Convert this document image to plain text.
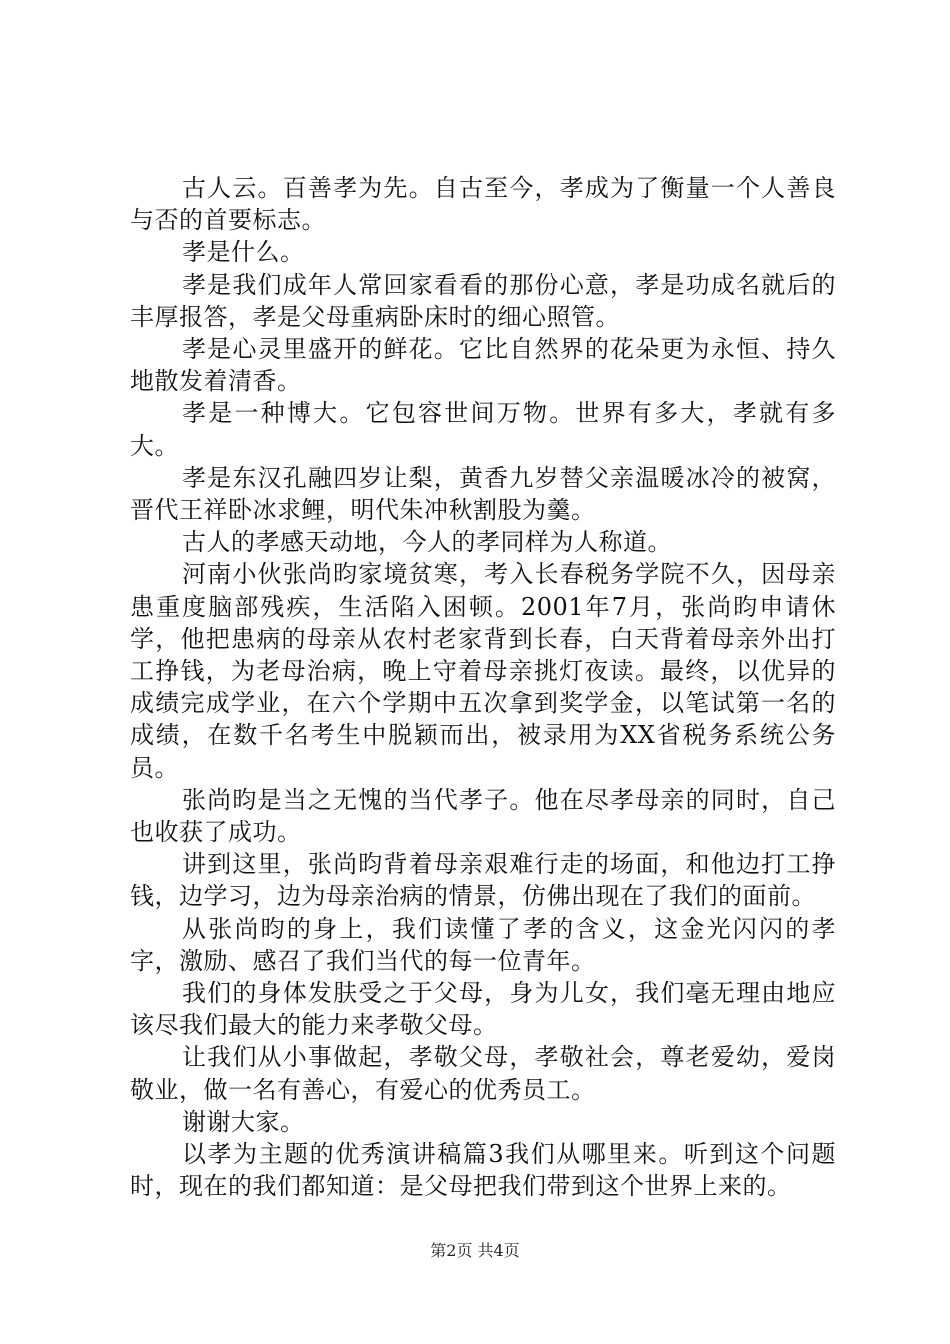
古人云。百善孝为先。自古至今，孝成为了衡量一个人善良与否的首要标志。

孝是什么。

孝是我们成年人常回家看看的那份心意，孝是功成名就后的丰厚报答，孝是父母重病卧床时的细心照管。

孝是心灵里盛开的鲜花。它比自然界的花朵更为永恒、持久地散发着清香。

孝是一种博大。它包容世间万物。世界有多大，孝就有多大。

孝是东汉孔融四岁让梨，黄香九岁替父亲温暖冰冷的被窝，晋代王祥卧冰求鲤，明代朱冲秋割股为羹。

古人的孝感天动地，今人的孝同样为人称道。

河南小伙张尚昀家境贫寒，考入长春税务学院不久，因母亲患重度脑部残疾，生活陷入困顿。2001年7月，张尚昀申请休学，他把患病的母亲从农村老家背到长春，白天背着母亲外出打工挣钱，为老母治病，晚上守着母亲挑灯夜读。最终，以优异的成绩完成学业，在六个学期中五次拿到奖学金，以笔试第一名的成绩，在数千名考生中脱颖而出，被录用为XX省税务系统公务员。

张尚昀是当之无愧的当代孝子。他在尽孝母亲的同时，自己也收获了成功。

讲到这里，张尚昀背着母亲艰难行走的场面，和他边打工挣钱，边学习，边为母亲治病的情景，仿佛出现在了我们的面前。

从张尚昀的身上，我们读懂了孝的含义，这金光闪闪的孝字，激励、感召了我们当代的每一位青年。

我们的身体发肤受之于父母，身为儿女，我们毫无理由地应该尽我们最大的能力来孝敬父母。

让我们从小事做起，孝敬父母，孝敬社会，尊老爱幼，爱岗敬业，做一名有善心，有爱心的优秀员工。

谢谢大家。

以孝为主题的优秀演讲稿篇3我们从哪里来。听到这个问题时，现在的我们都知道：是父母把我们带到这个世界上来的。

第2页 共4页
